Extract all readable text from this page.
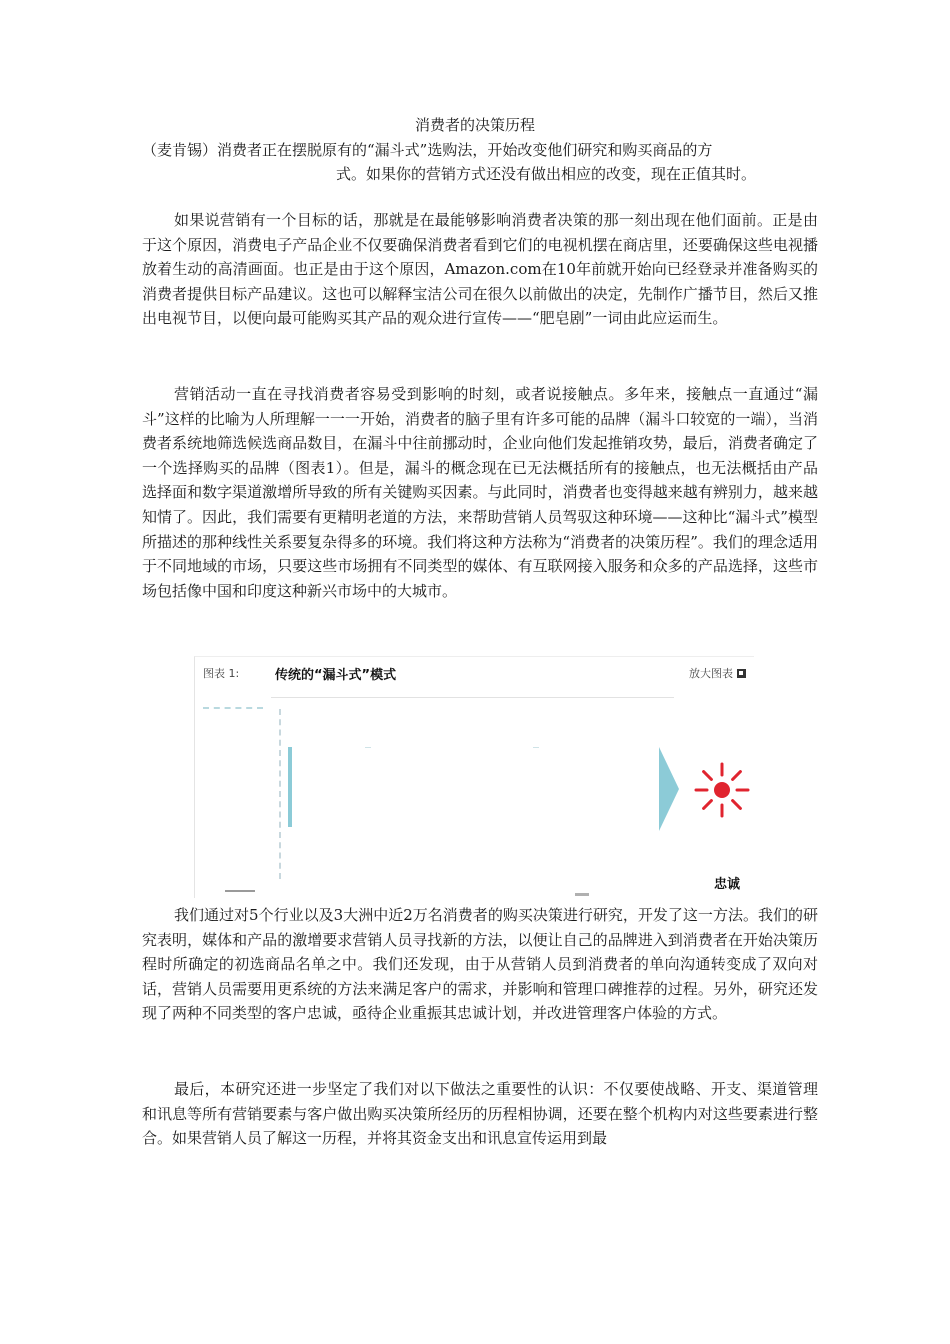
消费者的决策历程
（麦肯锡）消费者正在摆脱原有的“漏斗式”选购法，开始改变他们研究和购买商品的方
式。如果你的营销方式还没有做出相应的改变，现在正值其时。

如果说营销有一个目标的话，那就是在最能够影响消费者决策的那一刻出现在他们面前。正是由于这个原因，消费电子产品企业不仅要确保消费者看到它们的电视机摆在商店里，还要确保这些电视播放着生动的高清画面。也正是由于这个原因，Amazon.com在10年前就开始向已经登录并准备购买的消费者提供目标产品建议。这也可以解释宝洁公司在很久以前做出的决定，先制作广播节目，然后又推出电视节目，以便向最可能购买其产品的观众进行宣传——“肥皂剧”一词由此应运而生。

营销活动一直在寻找消费者容易受到影响的时刻，或者说接触点。多年来，接触点一直通过“漏斗”这样的比喻为人所理解一一一开始，消费者的脑子里有许多可能的品牌（漏斗口较宽的一端），当消费者系统地筛选候选商品数目，在漏斗中往前挪动时，企业向他们发起推销攻势，最后，消费者确定了一个选择购买的品牌（图表1）。但是，漏斗的概念现在已无法概括所有的接触点，也无法概括由产品选择面和数字渠道激增所导致的所有关键购买因素。与此同时，消费者也变得越来越有辨别力，越来越知情了。因此，我们需要有更精明老道的方法，来帮助营销人员驾驭这种环境——这种比“漏斗式”模型所描述的那种线性关系要复杂得多的环境。我们将这种方法称为“消费者的决策历程”。我们的理念适用于不同地域的市场，只要这些市场拥有不同类型的媒体、有互联网接入服务和众多的产品选择，这些市场包括像中国和印度这种新兴市场中的大城市。

图表 1:	传统的“漏斗式”模式	放大图表
忠诚

我们通过对5个行业以及3大洲中近2万名消费者的购买决策进行研究，开发了这一方法。我们的研究表明，媒体和产品的激增要求营销人员寻找新的方法，以便让自己的品牌进入到消费者在开始决策历程时所确定的初选商品名单之中。我们还发现，由于从营销人员到消费者的单向沟通转变成了双向对话，营销人员需要用更系统的方法来满足客户的需求，并影响和管理口碑推荐的过程。另外，研究还发现了两种不同类型的客户忠诚，亟待企业重振其忠诚计划，并改进管理客户体验的方式。

最后，本研究还进一步坚定了我们对以下做法之重要性的认识：不仅要使战略、开支、渠道管理和讯息等所有营销要素与客户做出购买决策所经历的历程相协调，还要在整个机构内对这些要素进行整合。如果营销人员了解这一历程，并将其资金支出和讯息宣传运用到最
